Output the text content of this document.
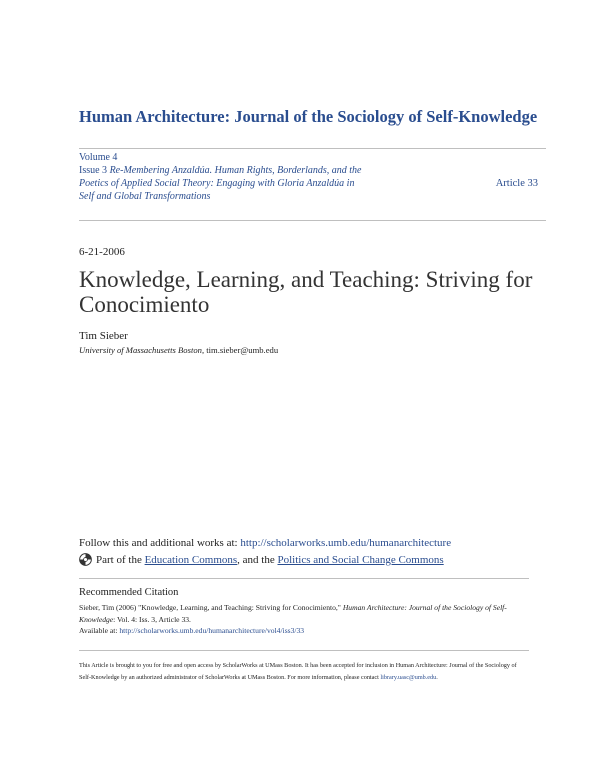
Human Architecture: Journal of the Sociology of Self-Knowledge
Volume 4
Issue 3 Re-Membering Anzaldúa. Human Rights, Borderlands, and the Poetics of Applied Social Theory: Engaging with Gloria Anzaldúa in Self and Global Transformations
Article 33
6-21-2006
Knowledge, Learning, and Teaching: Striving for Conocimiento
Tim Sieber
University of Massachusetts Boston, tim.sieber@umb.edu
Follow this and additional works at: http://scholarworks.umb.edu/humanarchitecture
Part of the
Education Commons , and the
Politics and Social Change Commons
Recommended Citation
Sieber, Tim (2006) "Knowledge, Learning, and Teaching: Striving for Conocimiento," Human Architecture: Journal of the Sociology of Self-Knowledge: Vol. 4: Iss. 3, Article 33.
Available at: http://scholarworks.umb.edu/humanarchitecture/vol4/iss3/33
This Article is brought to you for free and open access by ScholarWorks at UMass Boston. It has been accepted for inclusion in Human Architecture: Journal of the Sociology of Self-Knowledge by an authorized administrator of ScholarWorks at UMass Boston. For more information, please contact library.uasc@umb.edu.
